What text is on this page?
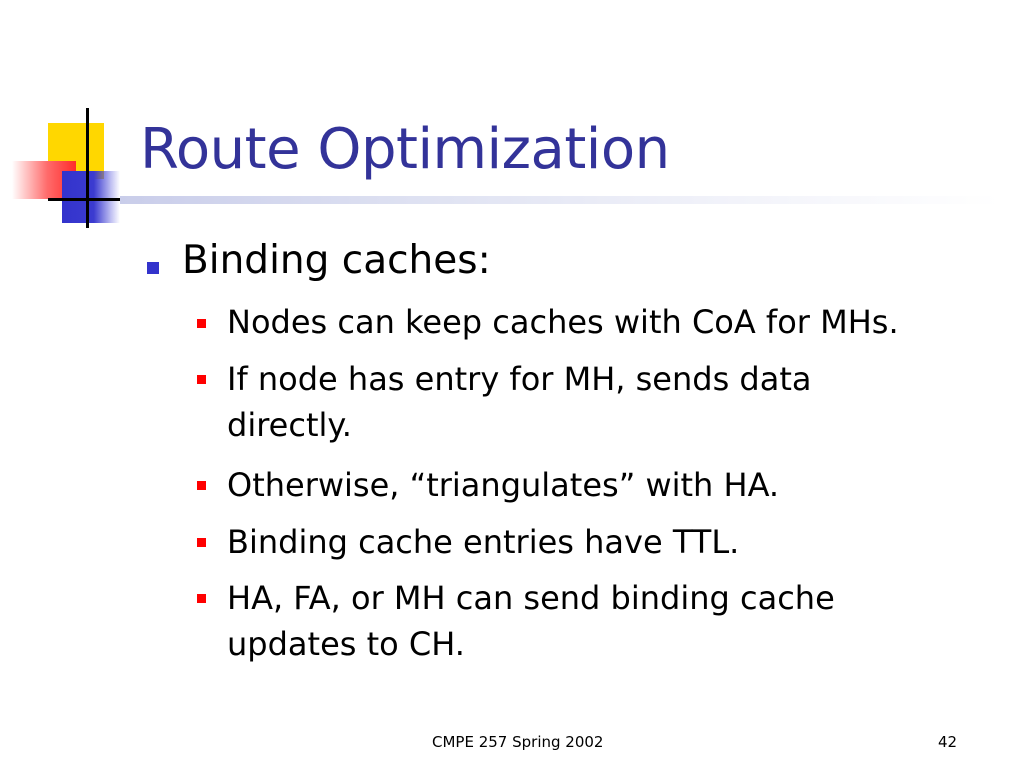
Route Optimization
Binding caches:
Nodes can keep caches with CoA for MHs.
If node has entry for MH, sends data
directly.
Otherwise, “triangulates” with HA.
Binding cache entries have TTL.
HA, FA, or MH can send binding cache
updates to CH.
CMPE 257 Spring 2002	42
